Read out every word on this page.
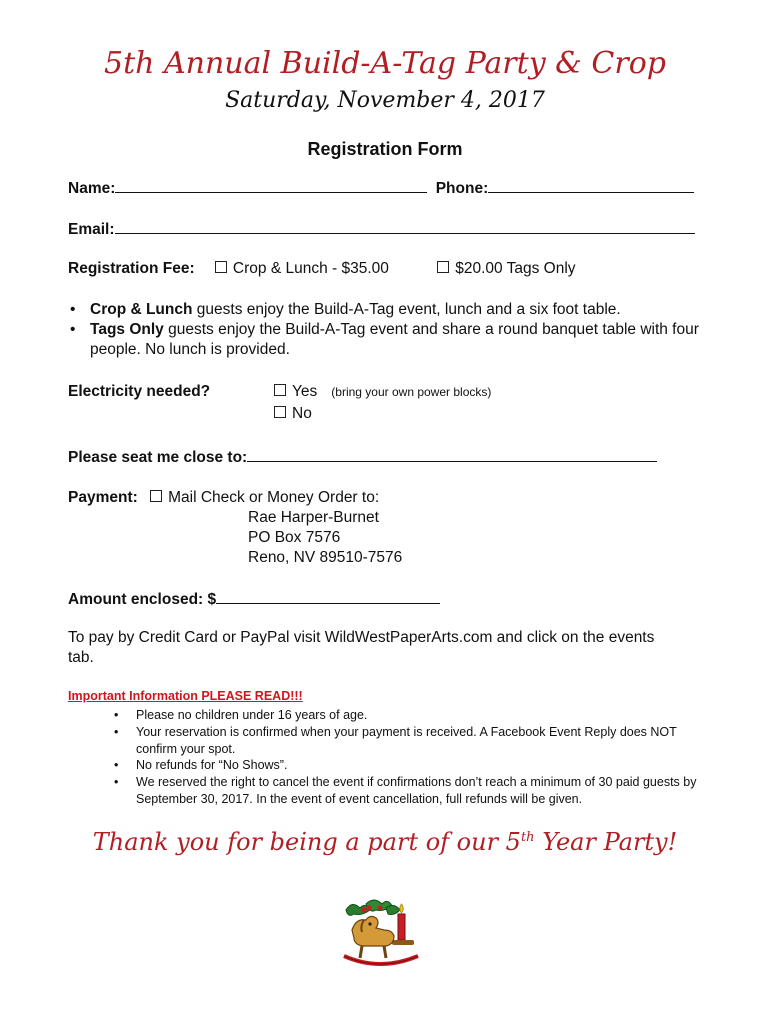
5th Annual Build-A-Tag Party & Crop
Saturday, November 4, 2017
Registration Form
Name:	Phone:
Email:
Registration Fee: Crop & Lunch - $35.00	$20.00 Tags Only
• Crop & Lunch guests enjoy the Build-A-Tag event, lunch and a six foot table.
• Tags Only guests enjoy the Build-A-Tag event and share a round banquet table with four people. No lunch is provided.
Electricity needed?	Yes (bring your own power blocks)
No
Please seat me close to:
Payment: Mail Check or Money Order to:
Rae Harper-Burnet
PO Box 7576
Reno, NV 89510-7576
Amount enclosed: $
To pay by Credit Card or PayPal visit WildWestPaperArts.com and click on the events
tab.
Important Information PLEASE READ!!!
• Please no children under 16 years of age.
• Your reservation is confirmed when your payment is received. A Facebook Event Reply does NOT confirm your spot.
• No refunds for “No Shows”.
• We reserved the right to cancel the event if confirmations don’t reach a minimum of 30 paid guests by September 30, 2017. In the event of event cancellation, full refunds will be given.
Thank you for being a part of our 5th Year Party!
